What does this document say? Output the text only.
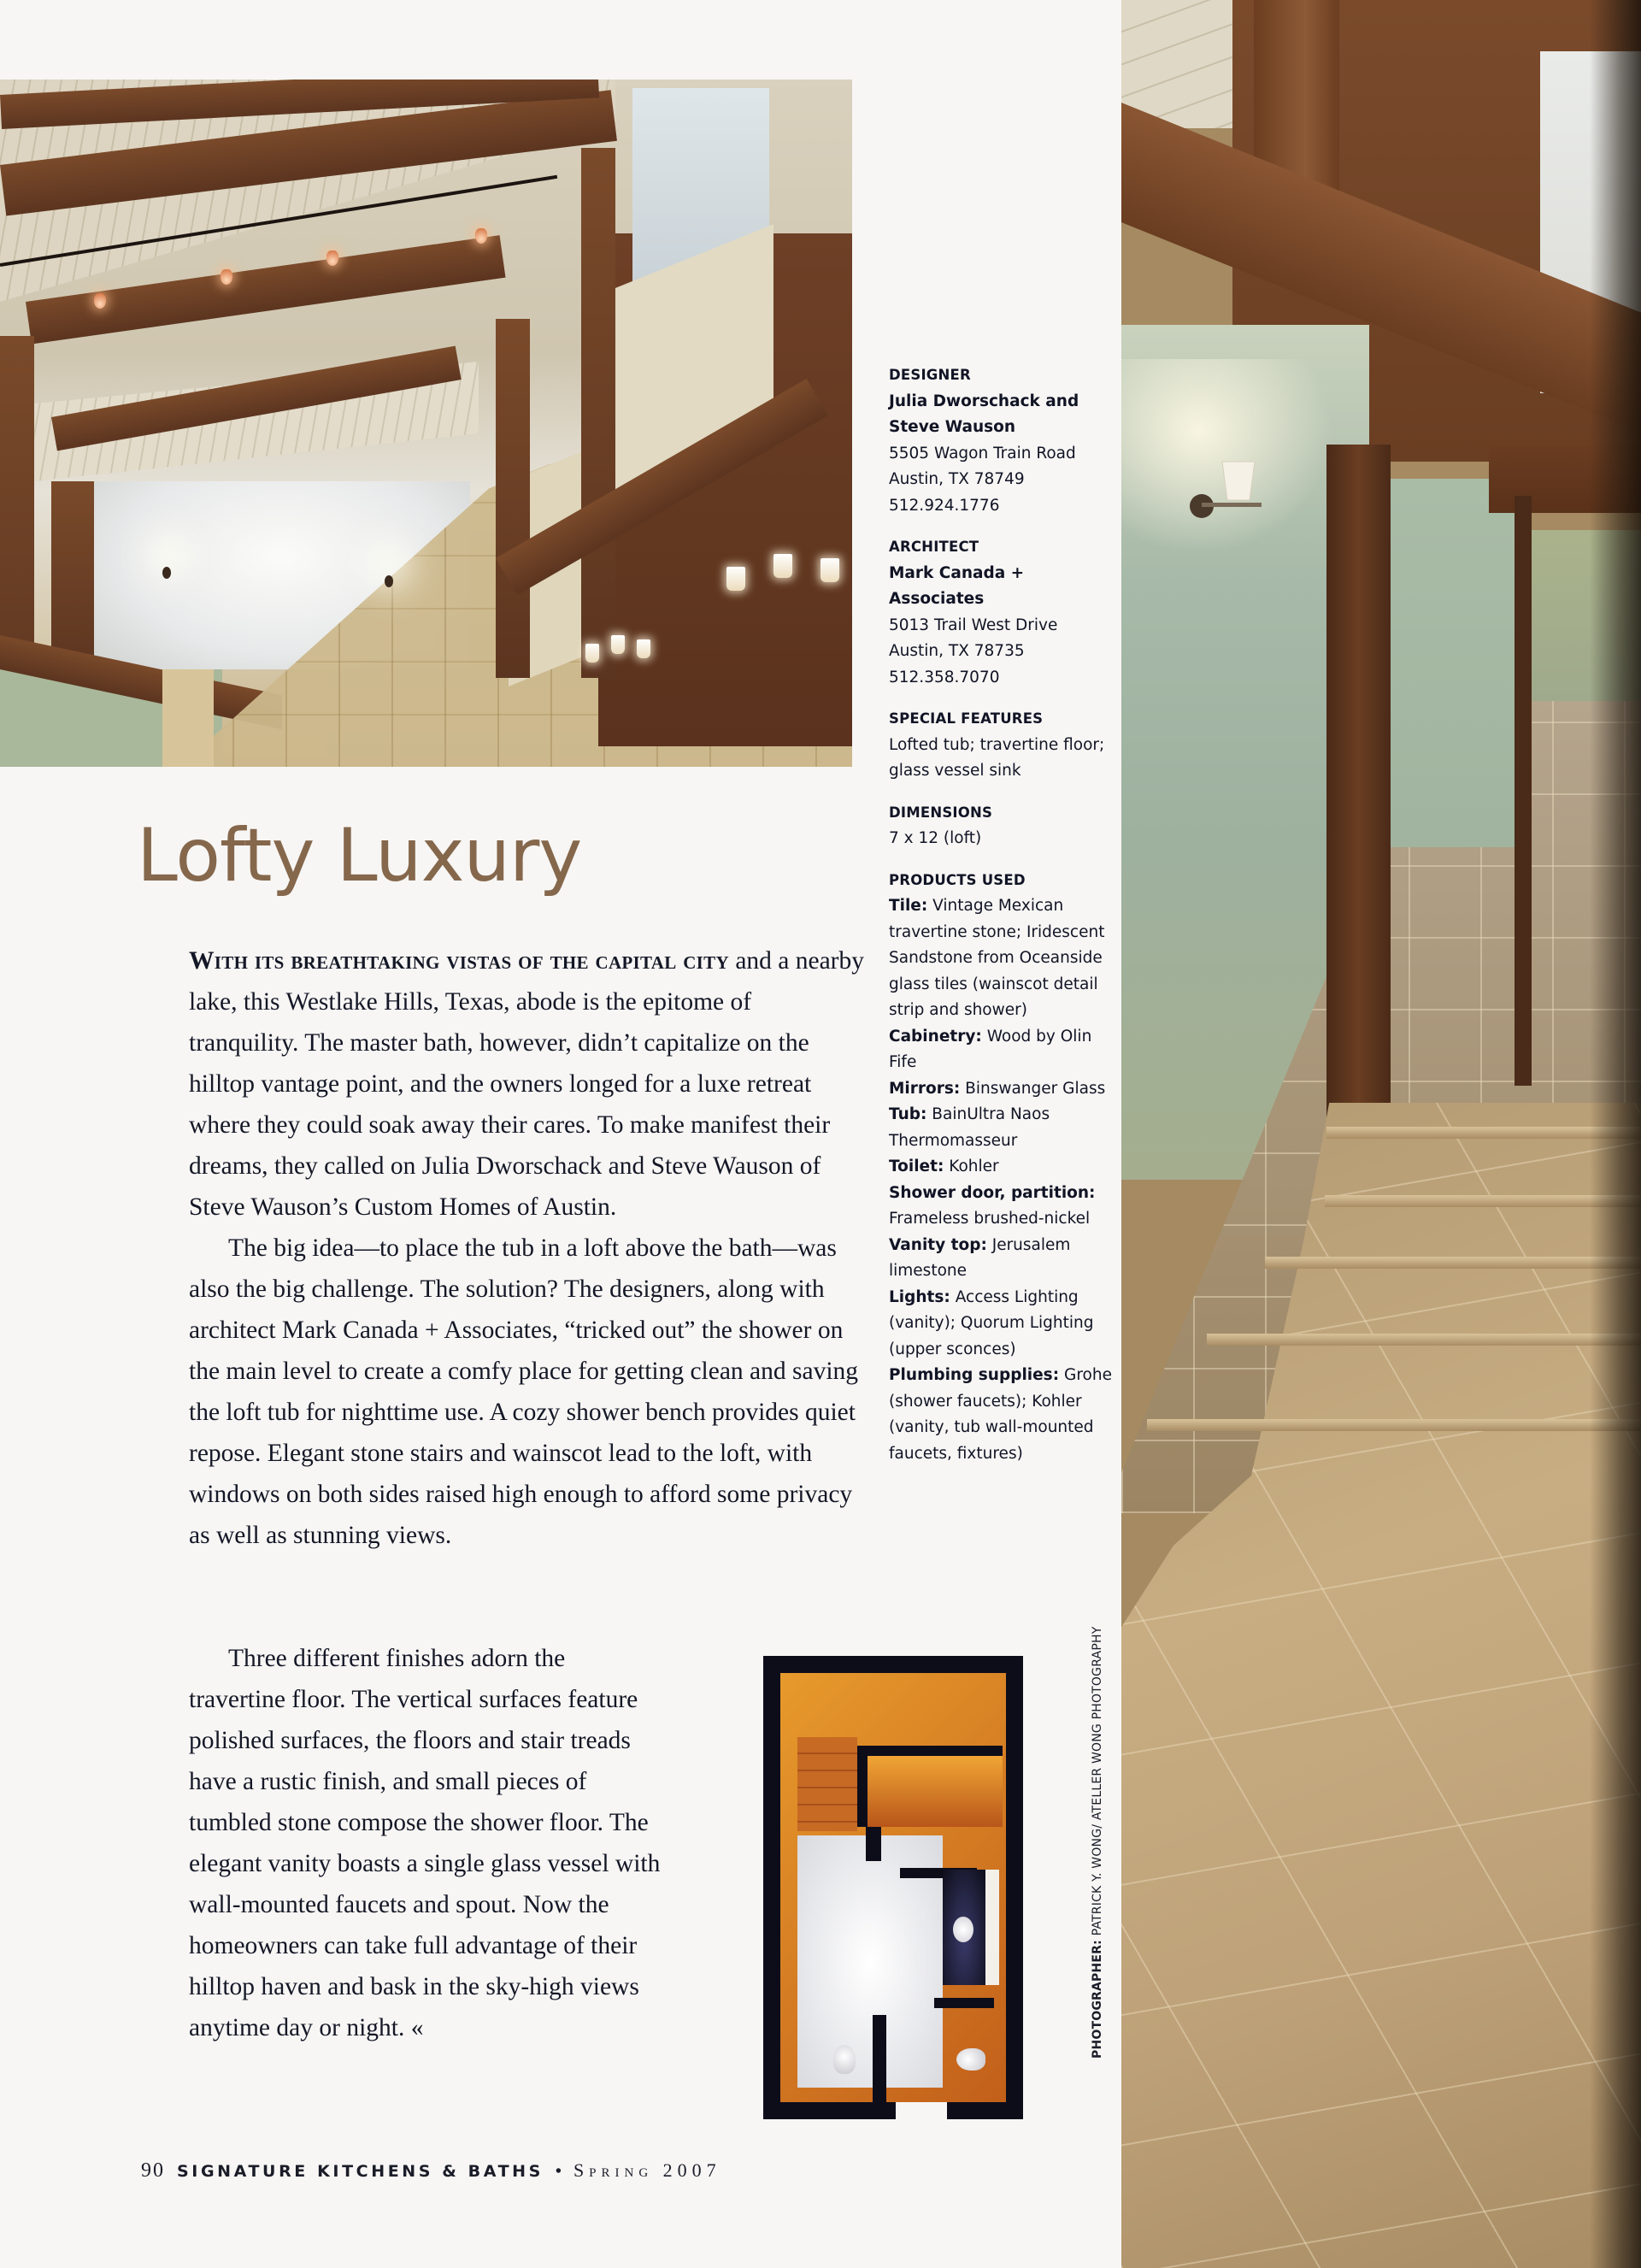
Lofty Luxury

With its breathtaking vistas of the capital city and a nearby lake, this Westlake Hills, Texas, abode is the epitome of tranquility. The master bath, however, didn’t capitalize on the hilltop vantage point, and the owners longed for a luxe retreat where they could soak away their cares. To make manifest their dreams, they called on Julia Dworschack and Steve Wauson of Steve Wauson’s Custom Homes of Austin.

The big idea—to place the tub in a loft above the bath—was also the big challenge. The solution? The designers, along with architect Mark Canada + Associates, “tricked out” the shower on the main level to create a comfy place for getting clean and saving the loft tub for nighttime use. A cozy shower bench provides quiet repose. Elegant stone stairs and wainscot lead to the loft, with windows on both sides raised high enough to afford some privacy as well as stunning views.

Three different finishes adorn the travertine floor. The vertical surfaces feature polished surfaces, the floors and stair treads have a rustic finish, and small pieces of tumbled stone compose the shower floor. The elegant vanity boasts a single glass vessel with wall-mounted faucets and spout. Now the homeowners can take full advantage of their hilltop haven and bask in the sky-high views anytime day or night. «

DESIGNER
Julia Dworschack and
Steve Wauson
5505 Wagon Train Road
Austin, TX 78749
512.924.1776
ARCHITECT
Mark Canada +
Associates
5013 Trail West Drive
Austin, TX 78735
512.358.7070
SPECIAL FEATURES
Lofted tub; travertine floor; glass vessel sink
DIMENSIONS
7 x 12 (loft)
PRODUCTS USED
Tile: Vintage Mexican travertine stone; Iridescent Sandstone from Oceanside glass tiles (wainscot detail strip and shower)
Cabinetry: Wood by Olin Fife
Mirrors: Binswanger Glass
Tub: BainUltra Naos Thermomasseur
Toilet: Kohler
Shower door, partition: Frameless brushed-nickel
Vanity top: Jerusalem limestone
Lights: Access Lighting (vanity); Quorum Lighting (upper sconces)
Plumbing supplies: Grohe (shower faucets); Kohler (vanity, tub wall-mounted faucets, fixtures)
90 SIGNATURE KITCHENS & BATHS • Spring 2007
PHOTOGRAPHER: PATRICK Y. WONG/ ATELLER WONG PHOTOGRAPHY
